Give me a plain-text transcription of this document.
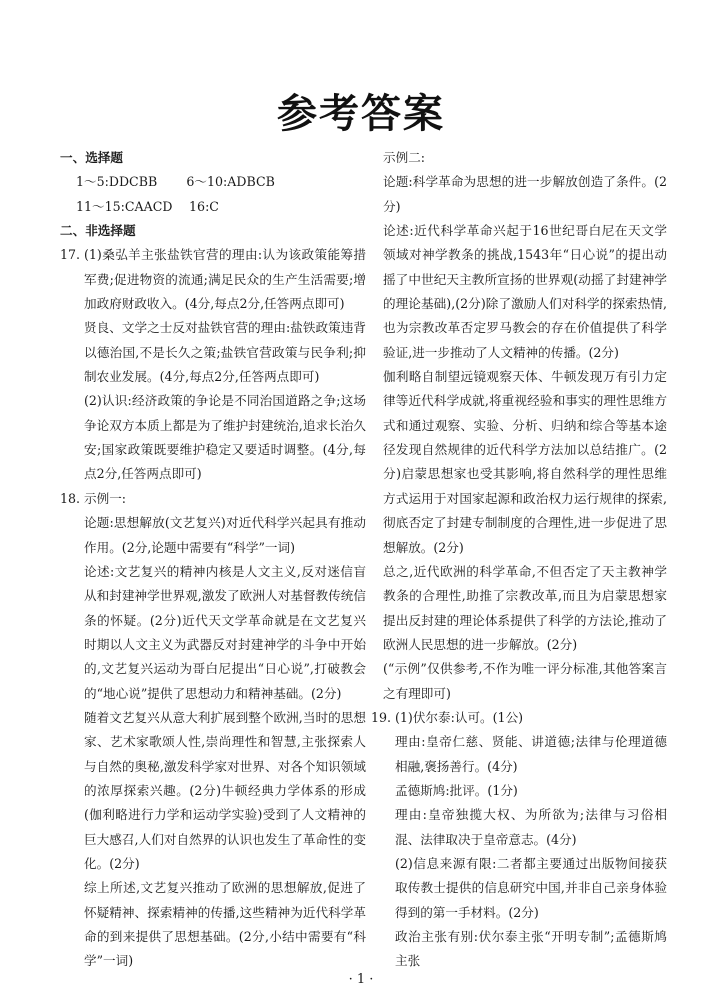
参考答案
一、选择题
1～5:DDCBB　　 6～10:ADBCB
11～15:CAACD　 16:C
二、非选择题
17. (1)桑弘羊主张盐铁官营的理由:认为该政策能筹措军费;促进物资的流通;满足民众的生产生活需要;增加政府财政收入。(4分,每点2分,任答两点即可)
贤良、文学之士反对盐铁官营的理由:盐铁政策违背以德治国,不是长久之策;盐铁官营政策与民争利;抑制农业发展。(4分,每点2分,任答两点即可)
(2)认识:经济政策的争论是不同治国道路之争;这场争论双方本质上都是为了维护封建统治,追求长治久安;国家政策既要维护稳定又要适时调整。(4分,每点2分,任答两点即可)
18. 示例一:
论题:思想解放(文艺复兴)对近代科学兴起具有推动作用。(2分,论题中需要有“科学”一词)
论述:文艺复兴的精神内核是人文主义,反对迷信盲从和封建神学世界观,激发了欧洲人对基督教传统信条的怀疑。(2分)近代天文学革命就是在文艺复兴时期以人文主义为武器反对封建神学的斗争中开始的,文艺复兴运动为哥白尼提出“日心说”,打破教会的“地心说”提供了思想动力和精神基础。(2分)
随着文艺复兴从意大利扩展到整个欧洲,当时的思想家、艺术家歌颂人性,崇尚理性和智慧,主张探索人与自然的奥秘,激发科学家对世界、对各个知识领域的浓厚探索兴趣。(2分)牛顿经典力学体系的形成(伽利略进行力学和运动学实验)受到了人文精神的巨大感召,人们对自然界的认识也发生了革命性的变化。(2分)
综上所述,文艺复兴推动了欧洲的思想解放,促进了怀疑精神、探索精神的传播,这些精神为近代科学革命的到来提供了思想基础。(2分,小结中需要有“科学”一词)
示例二:
论题:科学革命为思想的进一步解放创造了条件。(2分)
论述:近代科学革命兴起于16世纪哥白尼在天文学领域对神学教条的挑战,1543年“日心说”的提出动摇了中世纪天主教所宣扬的世界观(动摇了封建神学的理论基础),(2分)除了激励人们对科学的探索热情,也为宗教改革否定罗马教会的存在价值提供了科学验证,进一步推动了人文精神的传播。(2分)
伽利略自制望远镜观察天体、牛顿发现万有引力定律等近代科学成就,将重视经验和事实的理性思维方式和通过观察、实验、分析、归纳和综合等基本途径发现自然规律的近代科学方法加以总结推广。(2分)启蒙思想家也受其影响,将自然科学的理性思维方式运用于对国家起源和政治权力运行规律的探索,彻底否定了封建专制制度的合理性,进一步促进了思想解放。(2分)
总之,近代欧洲的科学革命,不但否定了天主教神学教条的合理性,助推了宗教改革,而且为启蒙思想家提出反封建的理论体系提供了科学的方法论,推动了欧洲人民思想的进一步解放。(2分)
(“示例”仅供参考,不作为唯一评分标准,其他答案言之有理即可)
19. (1)伏尔泰:认可。(1公)
理由:皇帝仁慈、贤能、讲道德;法律与伦理道德相融,褒扬善行。(4分)
孟德斯鸠:批评。(1分)
理由:皇帝独揽大权、为所欲为;法律与习俗相混、法律取决于皇帝意志。(4分)
(2)信息来源有限:二者都主要通过出版物间接获取传教士提供的信息研究中国,并非自己亲身体验得到的第一手材料。(2分)
政治主张有别:伏尔泰主张“开明专制”;孟德斯鸠主张
· 1 ·
